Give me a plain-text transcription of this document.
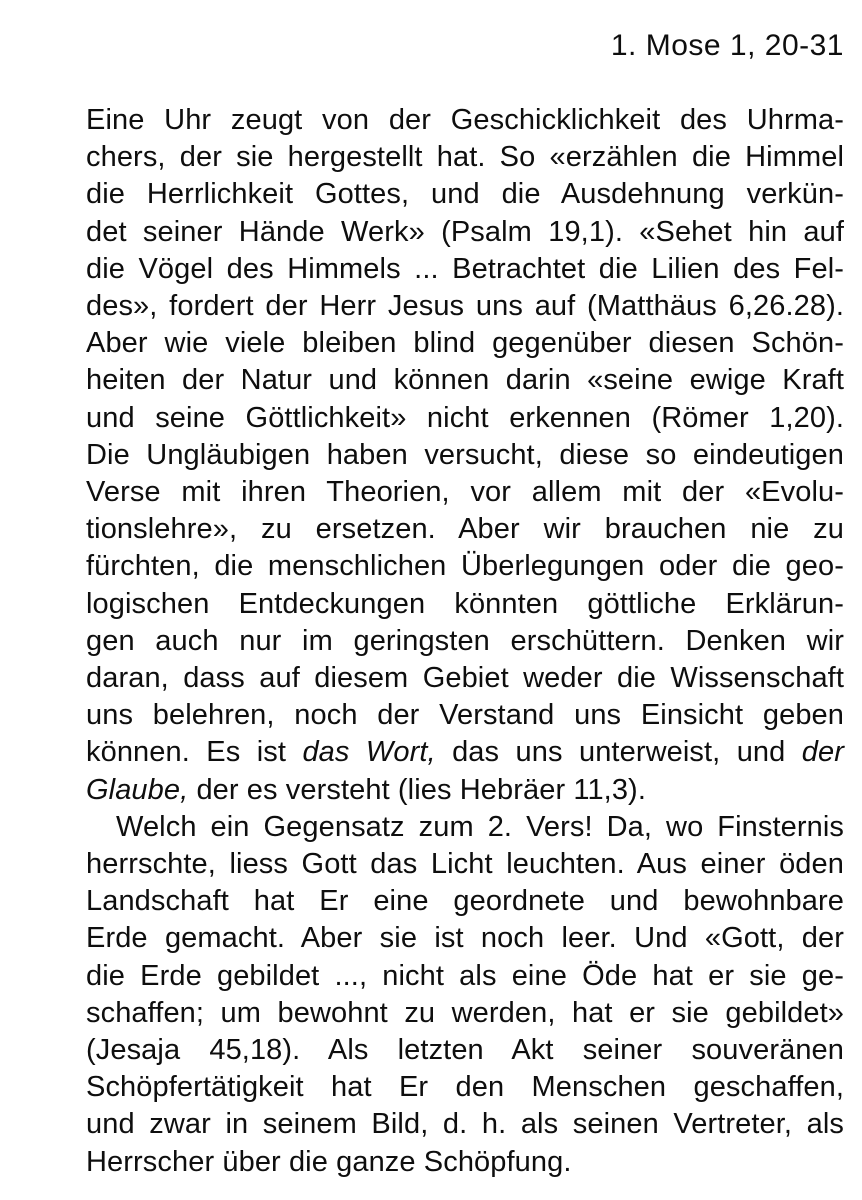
1. Mose 1, 20-31
Eine Uhr zeugt von der Geschicklichkeit des Uhrma-
chers, der sie hergestellt hat. So «erzählen die Himmel
die Herrlichkeit Gottes, und die Ausdehnung verkün-
det seiner Hände Werk» (Psalm 19,1). «Sehet hin auf
die Vögel des Himmels ... Betrachtet die Lilien des Fel-
des», fordert der Herr Jesus uns auf (Matthäus 6,26.28).
Aber wie viele bleiben blind gegenüber diesen Schön-
heiten der Natur und können darin «seine ewige Kraft
und seine Göttlichkeit» nicht erkennen (Römer 1,20).
Die Ungläubigen haben versucht, diese so eindeutigen
Verse mit ihren Theorien, vor allem mit der «Evolu-
tionslehre», zu ersetzen. Aber wir brauchen nie zu
fürchten, die menschlichen Überlegungen oder die geo-
logischen Entdeckungen könnten göttliche Erklärun-
gen auch nur im geringsten erschüttern. Denken wir
daran, dass auf diesem Gebiet weder die Wissenschaft
uns belehren, noch der Verstand uns Einsicht geben
können. Es ist das Wort, das uns unterweist, und der
Glaube, der es versteht (lies Hebräer 11,3).
Welch ein Gegensatz zum 2. Vers! Da, wo Finsternis
herrschte, liess Gott das Licht leuchten. Aus einer öden
Landschaft hat Er eine geordnete und bewohnbare
Erde gemacht. Aber sie ist noch leer. Und «Gott, der
die Erde gebildet ..., nicht als eine Öde hat er sie ge-
schaffen; um bewohnt zu werden, hat er sie gebildet»
(Jesaja 45,18). Als letzten Akt seiner souveränen
Schöpfertätigkeit hat Er den Menschen geschaffen,
und zwar in seinem Bild, d. h. als seinen Vertreter, als
Herrscher über die ganze Schöpfung.
